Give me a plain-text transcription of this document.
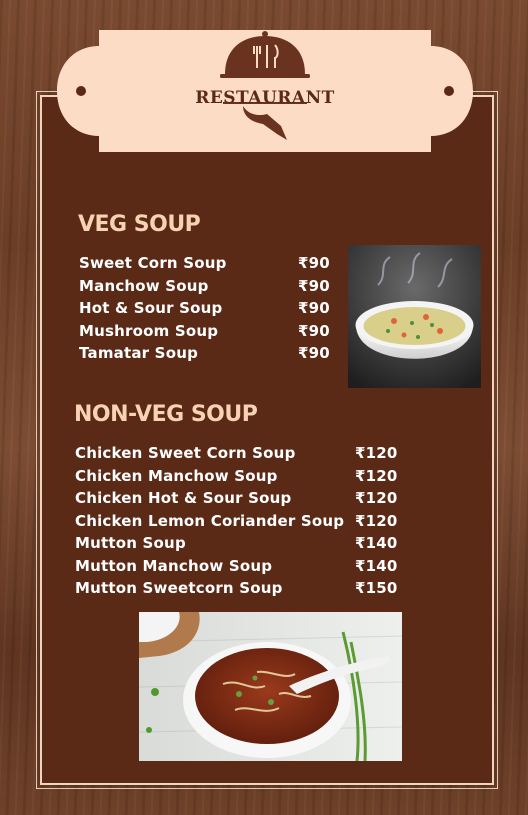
RESTAURANT
VEG SOUP
Sweet Corn Soup	₹90
Manchow Soup	₹90
Hot & Sour Soup	₹90
Mushroom Soup	₹90
Tamatar Soup	₹90
NON-VEG SOUP
Chicken Sweet Corn Soup	₹120
Chicken Manchow Soup	₹120
Chicken Hot & Sour Soup	₹120
Chicken Lemon Coriander Soup ₹120
Mutton Soup	₹140
Mutton Manchow Soup	₹140
Mutton Sweetcorn Soup	₹150
